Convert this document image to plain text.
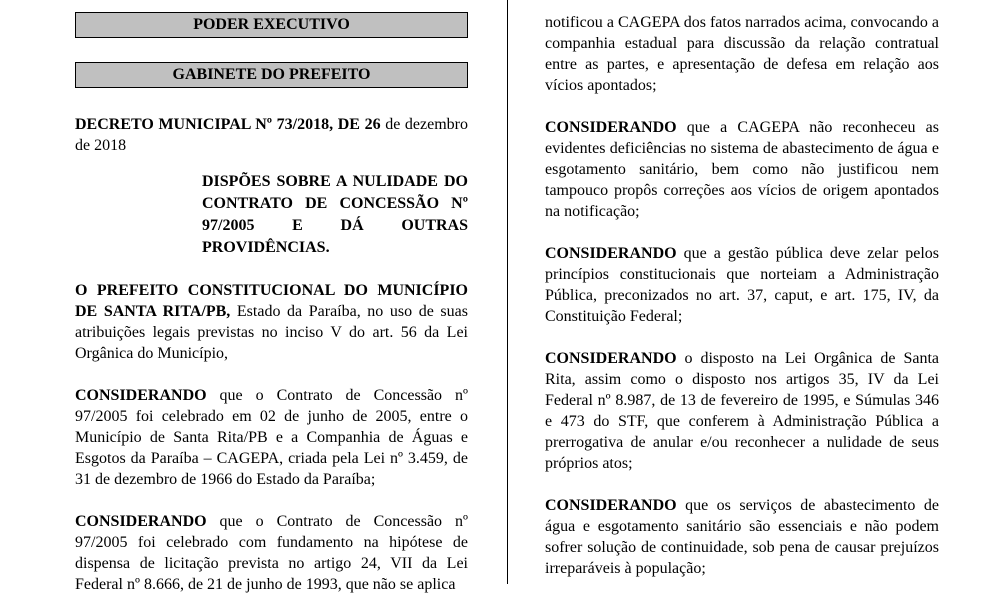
PODER EXECUTIVO
GABINETE DO PREFEITO

DECRETO MUNICIPAL Nº 73/2018, DE 26 de dezembro de 2018

DISPÕES SOBRE A NULIDADE DO CONTRATO DE CONCESSÃO Nº 97/2005 E DÁ OUTRAS PROVIDÊNCIAS.

O PREFEITO CONSTITUCIONAL DO MUNICÍPIO DE SANTA RITA/PB, Estado da Paraíba, no uso de suas atribuições legais previstas no inciso V do art. 56 da Lei Orgânica do Município,

CONSIDERANDO que o Contrato de Concessão nº 97/2005 foi celebrado em 02 de junho de 2005, entre o Município de Santa Rita/PB e a Companhia de Águas e Esgotos da Paraíba – CAGEPA, criada pela Lei nº 3.459, de 31 de dezembro de 1966 do Estado da Paraíba;

CONSIDERANDO que o Contrato de Concessão nº 97/2005 foi celebrado com fundamento na hipótese de dispensa de licitação prevista no artigo 24, VII da Lei Federal nº 8.666, de 21 de junho de 1993, que não se aplica

notificou a CAGEPA dos fatos narrados acima, convocando a companhia estadual para discussão da relação contratual entre as partes, e apresentação de defesa em relação aos vícios apontados;

CONSIDERANDO que a CAGEPA não reconheceu as evidentes deficiências no sistema de abastecimento de água e esgotamento sanitário, bem como não justificou nem tampouco propôs correções aos vícios de origem apontados na notificação;

CONSIDERANDO que a gestão pública deve zelar pelos princípios constitucionais que norteiam a Administração Pública, preconizados no art. 37, caput, e art. 175, IV, da Constituição Federal;

CONSIDERANDO o disposto na Lei Orgânica de Santa Rita, assim como o disposto nos artigos 35, IV da Lei Federal nº 8.987, de 13 de fevereiro de 1995, e Súmulas 346 e 473 do STF, que conferem à Administração Pública a prerrogativa de anular e/ou reconhecer a nulidade de seus próprios atos;

CONSIDERANDO que os serviços de abastecimento de água e esgotamento sanitário são essenciais e não podem sofrer solução de continuidade, sob pena de causar prejuízos irreparáveis à população;
